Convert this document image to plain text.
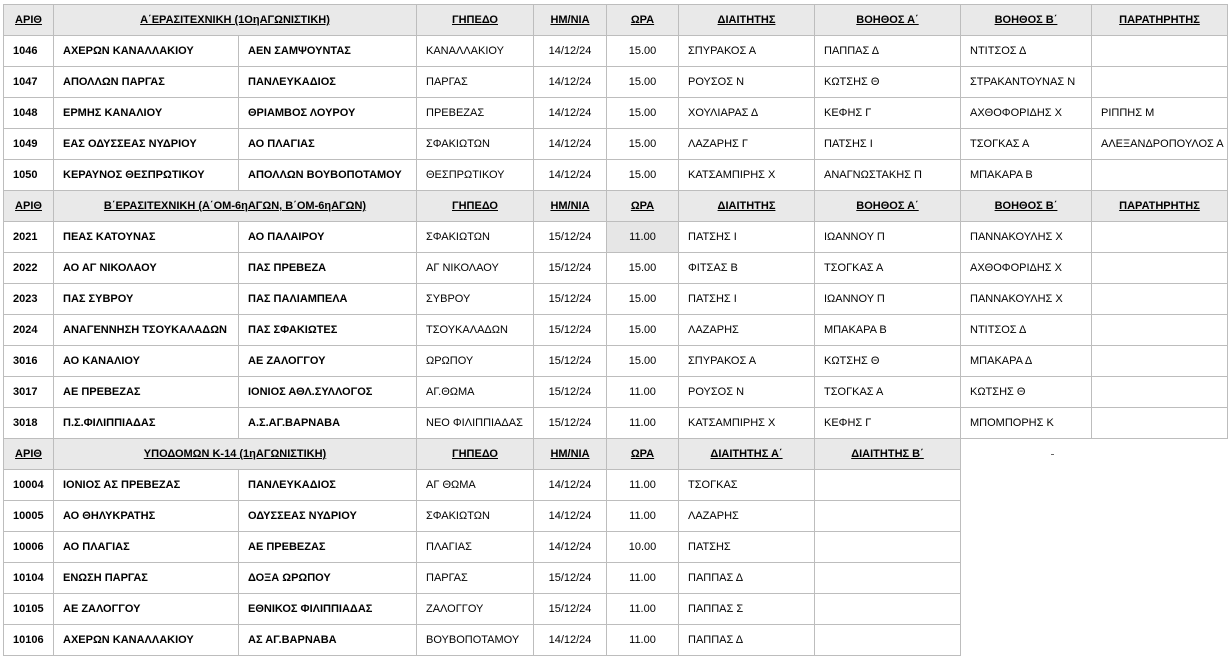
ΑΡΙΘ	Α΄ΕΡΑΣΙΤΕΧΝΙΚΗ (1ΟηΑΓΩΝΙΣΤΙΚΗ)		ΓΗΠΕΔΟ	ΗΜ/ΝΙΑ	ΩΡΑ	ΔΙΑΙΤΗΤΗΣ	ΒΟΗΘΟΣ Α΄	ΒΟΗΘΟΣ Β΄	ΠΑΡΑΤΗΡΗΤΗΣ
1046	ΑΧΕΡΩΝ ΚΑΝΑΛΛΑΚΙΟΥ	ΑΕΝ ΣΑΜΨΟΥΝΤΑΣ	ΚΑΝΑΛΛΑΚΙΟΥ	14/12/24	15.00	ΣΠΥΡΑΚΟΣ Α	ΠΑΠΠΑΣ Δ	ΝΤΙΤΣΟΣ Δ	
1047	ΑΠΟΛΛΩΝ ΠΑΡΓΑΣ	ΠΑΝΛΕΥΚΑΔΙΟΣ	ΠΑΡΓΑΣ	14/12/24	15.00	ΡΟΥΣΟΣ Ν	ΚΩΤΣΗΣ Θ	ΣΤΡΑΚΑΝΤΟΥΝΑΣ Ν	
1048	ΕΡΜΗΣ ΚΑΝΑΛΙΟΥ	ΘΡΙΑΜΒΟΣ ΛΟΥΡΟΥ	ΠΡΕΒΕΖΑΣ	14/12/24	15.00	ΧΟΥΛΙΑΡΑΣ Δ	ΚΕΦΗΣ Γ	ΑΧΘΟΦΟΡΙΔΗΣ Χ	ΡΙΠΠΗΣ Μ
1049	ΕΑΣ ΟΔΥΣΣΕΑΣ ΝΥΔΡΙΟΥ	ΑΟ ΠΛΑΓΙΑΣ	ΣΦΑΚΙΩΤΩΝ	14/12/24	15.00	ΛΑΖΑΡΗΣ Γ	ΠΑΤΣΗΣ Ι	ΤΣΟΓΚΑΣ Α	ΑΛΕΞΑΝΔΡΟΠΟΥΛΟΣ Α
1050	ΚΕΡΑΥΝΟΣ ΘΕΣΠΡΩΤΙΚΟΥ	ΑΠΟΛΛΩΝ ΒΟΥΒΟΠΟΤΑΜΟΥ	ΘΕΣΠΡΩΤΙΚΟΥ	14/12/24	15.00	ΚΑΤΣΑΜΠΙΡΗΣ Χ	ΑΝΑΓΝΩΣΤΑΚΗΣ Π	ΜΠΑΚΑΡΑ Β	
ΑΡΙΘ	Β΄ΕΡΑΣΙΤΕΧΝΙΚΗ (Α΄ΟΜ-6ηΑΓΩΝ, Β΄ΟΜ-6ηΑΓΩΝ)		ΓΗΠΕΔΟ	ΗΜ/ΝΙΑ	ΩΡΑ	ΔΙΑΙΤΗΤΗΣ	ΒΟΗΘΟΣ Α΄	ΒΟΗΘΟΣ Β΄	ΠΑΡΑΤΗΡΗΤΗΣ
2021	ΠΕΑΣ ΚΑΤΟΥΝΑΣ	ΑΟ ΠΑΛΑΙΡΟΥ	ΣΦΑΚΙΩΤΩΝ	15/12/24	11.00	ΠΑΤΣΗΣ Ι	ΙΩΑΝΝΟΥ Π	ΠΑΝΝΑΚΟΥΛΗΣ Χ	
2022	ΑΟ ΑΓ ΝΙΚΟΛΑΟΥ	ΠΑΣ ΠΡΕΒΕΖΑ	ΑΓ ΝΙΚΟΛΑΟΥ	15/12/24	15.00	ΦΙΤΣΑΣ Β	ΤΣΟΓΚΑΣ Α	ΑΧΘΟΦΟΡΙΔΗΣ Χ	
2023	ΠΑΣ ΣΥΒΡΟΥ	ΠΑΣ ΠΑΛΙΑΜΠΕΛΑ	ΣΥΒΡΟΥ	15/12/24	15.00	ΠΑΤΣΗΣ Ι	ΙΩΑΝΝΟΥ Π	ΠΑΝΝΑΚΟΥΛΗΣ Χ	
2024	ΑΝΑΓΕΝΝΗΣΗ ΤΣΟΥΚΑΛΑΔΩΝ	ΠΑΣ ΣΦΑΚΙΩΤΕΣ	ΤΣΟΥΚΑΛΑΔΩΝ	15/12/24	15.00	ΛΑΖΑΡΗΣ	ΜΠΑΚΑΡΑ Β	ΝΤΙΤΣΟΣ Δ	
3016	ΑΟ ΚΑΝΑΛΙΟΥ	ΑΕ ΖΑΛΟΓΓΟΥ	ΩΡΩΠΟΥ	15/12/24	15.00	ΣΠΥΡΑΚΟΣ Α	ΚΩΤΣΗΣ Θ	ΜΠΑΚΑΡΑ Δ	
3017	ΑΕ ΠΡΕΒΕΖΑΣ	ΙΟΝΙΟΣ ΑΘΛ.ΣΥΛΛΟΓΟΣ	ΑΓ.ΘΩΜΑ	15/12/24	11.00	ΡΟΥΣΟΣ Ν	ΤΣΟΓΚΑΣ Α	ΚΩΤΣΗΣ Θ	
3018	Π.Σ.ΦΙΛΙΠΠΙΑΔΑΣ	Α.Σ.ΑΓ.ΒΑΡΝΑΒΑ	ΝΕΟ ΦΙΛΙΠΠΙΑΔΑΣ	15/12/24	11.00	ΚΑΤΣΑΜΠΙΡΗΣ Χ	ΚΕΦΗΣ Γ	ΜΠΟΜΠΟΡΗΣ Κ	
ΑΡΙΘ	ΥΠΟΔΟΜΩΝ Κ-14 (1ηΑΓΩΝΙΣΤΙΚΗ)		ΓΗΠΕΔΟ	ΗΜ/ΝΙΑ	ΩΡΑ	ΔΙΑΙΤΗΤΗΣ Α΄	ΔΙΑΙΤΗΤΗΣ Β΄		
10004	ΙΟΝΙΟΣ ΑΣ ΠΡΕΒΕΖΑΣ	ΠΑΝΛΕΥΚΑΔΙΟΣ	ΑΓ ΘΩΜΑ	14/12/24	11.00	ΤΣΟΓΚΑΣ			
10005	ΑΟ ΘΗΛΥΚΡΑΤΗΣ	ΟΔΥΣΣΕΑΣ ΝΥΔΡΙΟΥ	ΣΦΑΚΙΩΤΩΝ	14/12/24	11.00	ΛΑΖΑΡΗΣ			
10006	ΑΟ ΠΛΑΓΙΑΣ	ΑΕ ΠΡΕΒΕΖΑΣ	ΠΛΑΓΙΑΣ	14/12/24	10.00	ΠΑΤΣΗΣ			
10104	ΕΝΩΣΗ ΠΑΡΓΑΣ	ΔΟΞΑ ΩΡΩΠΟΥ	ΠΑΡΓΑΣ	15/12/24	11.00	ΠΑΠΠΑΣ Δ			
10105	ΑΕ ΖΑΛΟΓΓΟΥ	ΕΘΝΙΚΟΣ ΦΙΛΙΠΠΙΑΔΑΣ	ΖΑΛΟΓΓΟΥ	15/12/24	11.00	ΠΑΠΠΑΣ Σ			
10106	ΑΧΕΡΩΝ ΚΑΝΑΛΛΑΚΙΟΥ	ΑΣ ΑΓ.ΒΑΡΝΑΒΑ	ΒΟΥΒΟΠΟΤΑΜΟΥ	14/12/24	11.00	ΠΑΠΠΑΣ Δ			
